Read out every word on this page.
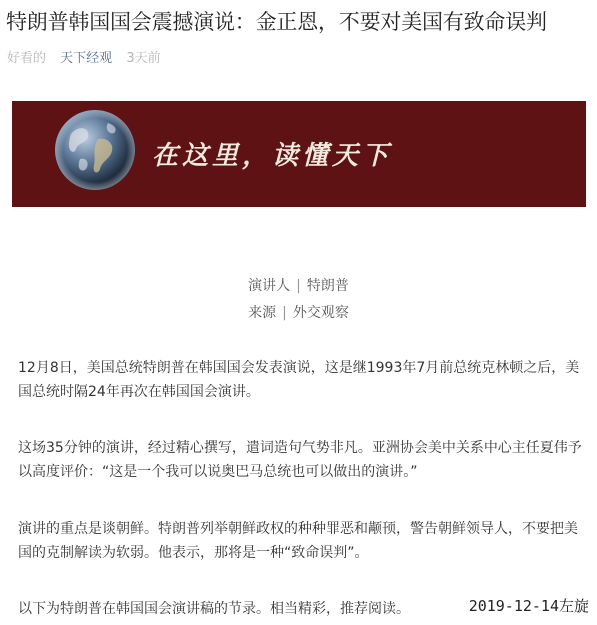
特朗普韩国国会震撼演说：金正恩，不要对美国有致命误判
好看的 天下经观 3天前
在这里，读懂天下
演讲人 | 特朗普
来源 | 外交观察

12月8日，美国总统特朗普在韩国国会发表演说，这是继1993年7月前总统克林顿之后，美国总统时隔24年再次在韩国国会演讲。

这场35分钟的演讲，经过精心撰写，遣词造句气势非凡。亚洲协会美中关系中心主任夏伟予以高度评价：“这是一个我可以说奥巴马总统也可以做出的演讲。”

演讲的重点是谈朝鲜。特朗普列举朝鲜政权的种种罪恶和颟顸，警告朝鲜领导人，不要把美国的克制解读为软弱。他表示，那将是一种“致命误判”。

以下为特朗普在韩国国会演讲稿的节录。相当精彩，推荐阅读。	2019-12-14左旋
